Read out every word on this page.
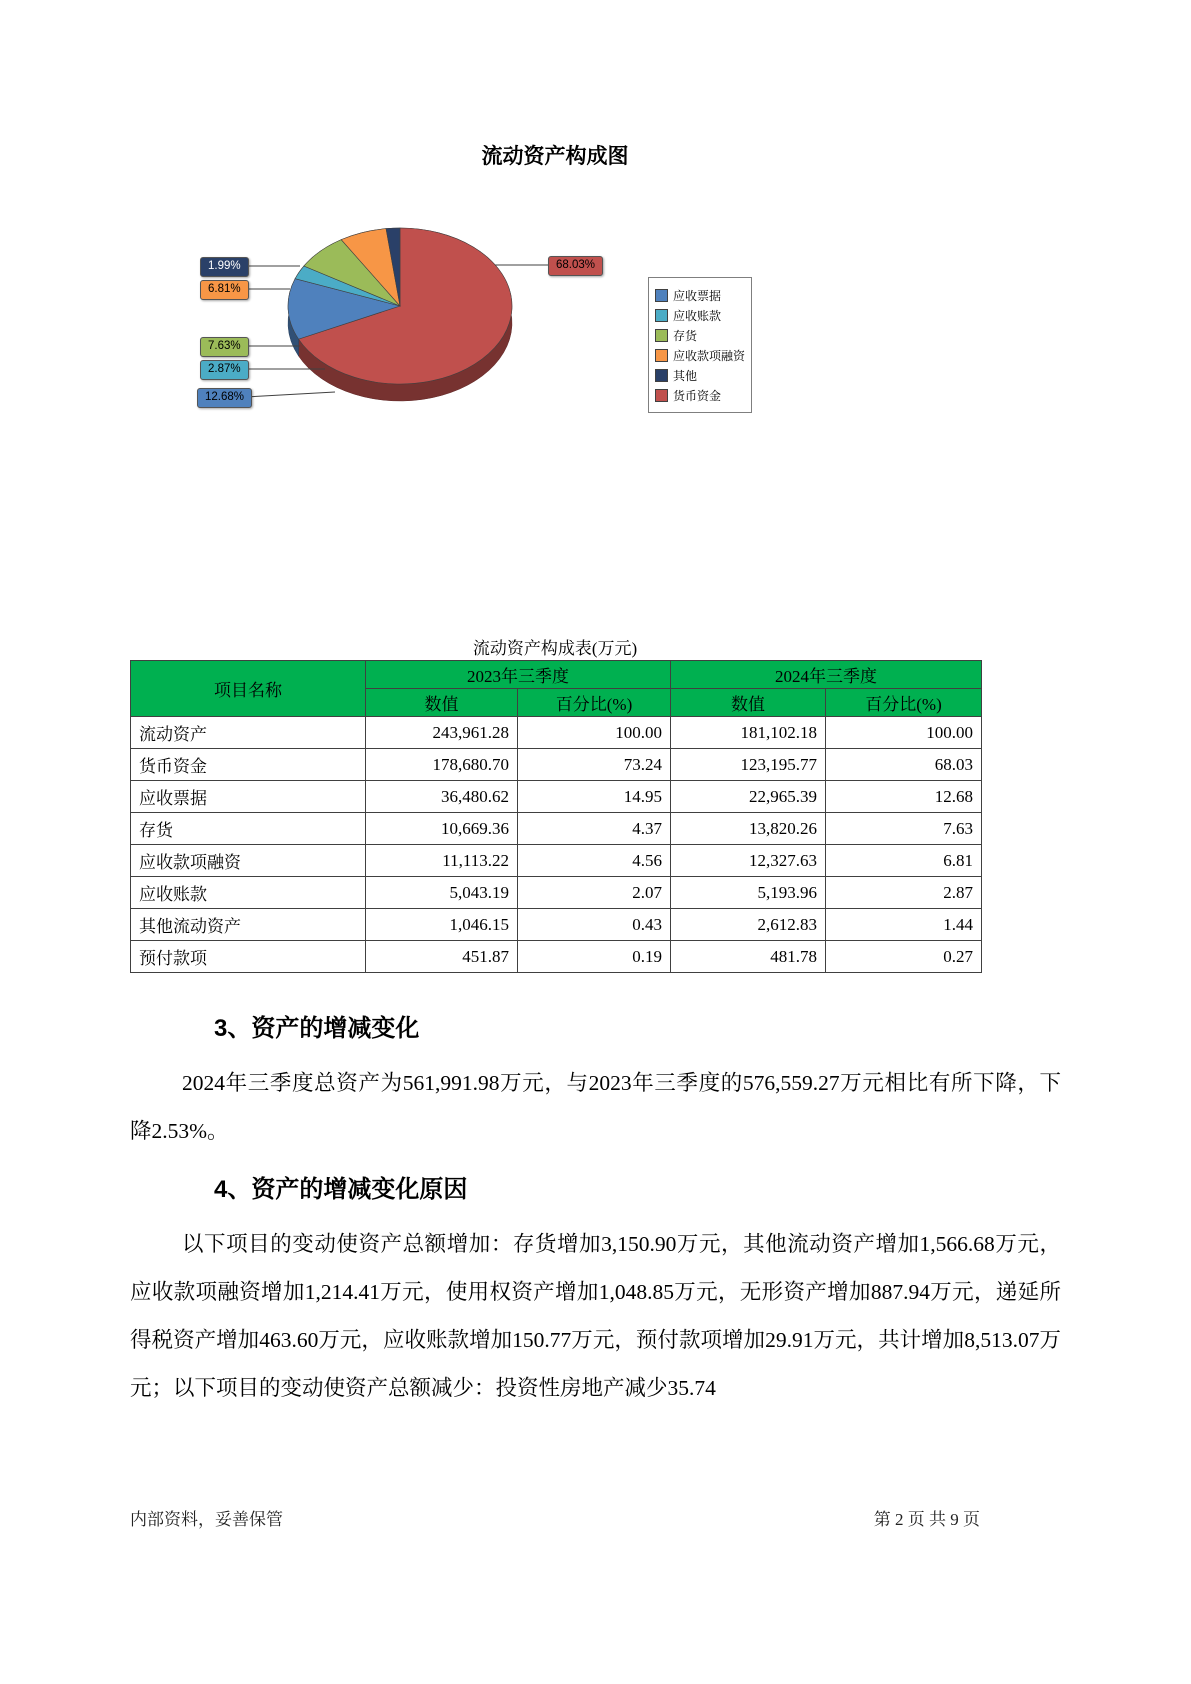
流动资产构成图
68.03%
12.68%
2.87%
7.63%
6.81%
1.99%
应收票据
应收账款
存货
应收款项融资
其他
货币资金
流动资产构成表(万元)
项目名称	2023年三季度		2024年三季度	
	数值	百分比(%)	数值	百分比(%)
流动资产	243,961.28	100.00	181,102.18	100.00
货币资金	178,680.70	73.24	123,195.77	68.03
应收票据	36,480.62	14.95	22,965.39	12.68
存货	10,669.36	4.37	13,820.26	7.63
应收款项融资	11,113.22	4.56	12,327.63	6.81
应收账款	5,043.19	2.07	5,193.96	2.87
其他流动资产	1,046.15	0.43	2,612.83	1.44
预付款项	451.87	0.19	481.78	0.27
3、资产的增减变化

2024年三季度总资产为561,991.98万元，与2023年三季度的576,559.27万元相比有所下降，下降2.53%。

4、资产的增减变化原因

以下项目的变动使资产总额增加：存货增加3,150.90万元，其他流动资产增加1,566.68万元，应收款项融资增加1,214.41万元，使用权资产增加1,048.85万元，无形资产增加887.94万元，递延所得税资产增加463.60万元，应收账款增加150.77万元，预付款项增加29.91万元，共计增加8,513.07万元；以下项目的变动使资产总额减少：投资性房地产减少35.74

内部资料，妥善保管	第 2 页 共 9 页
